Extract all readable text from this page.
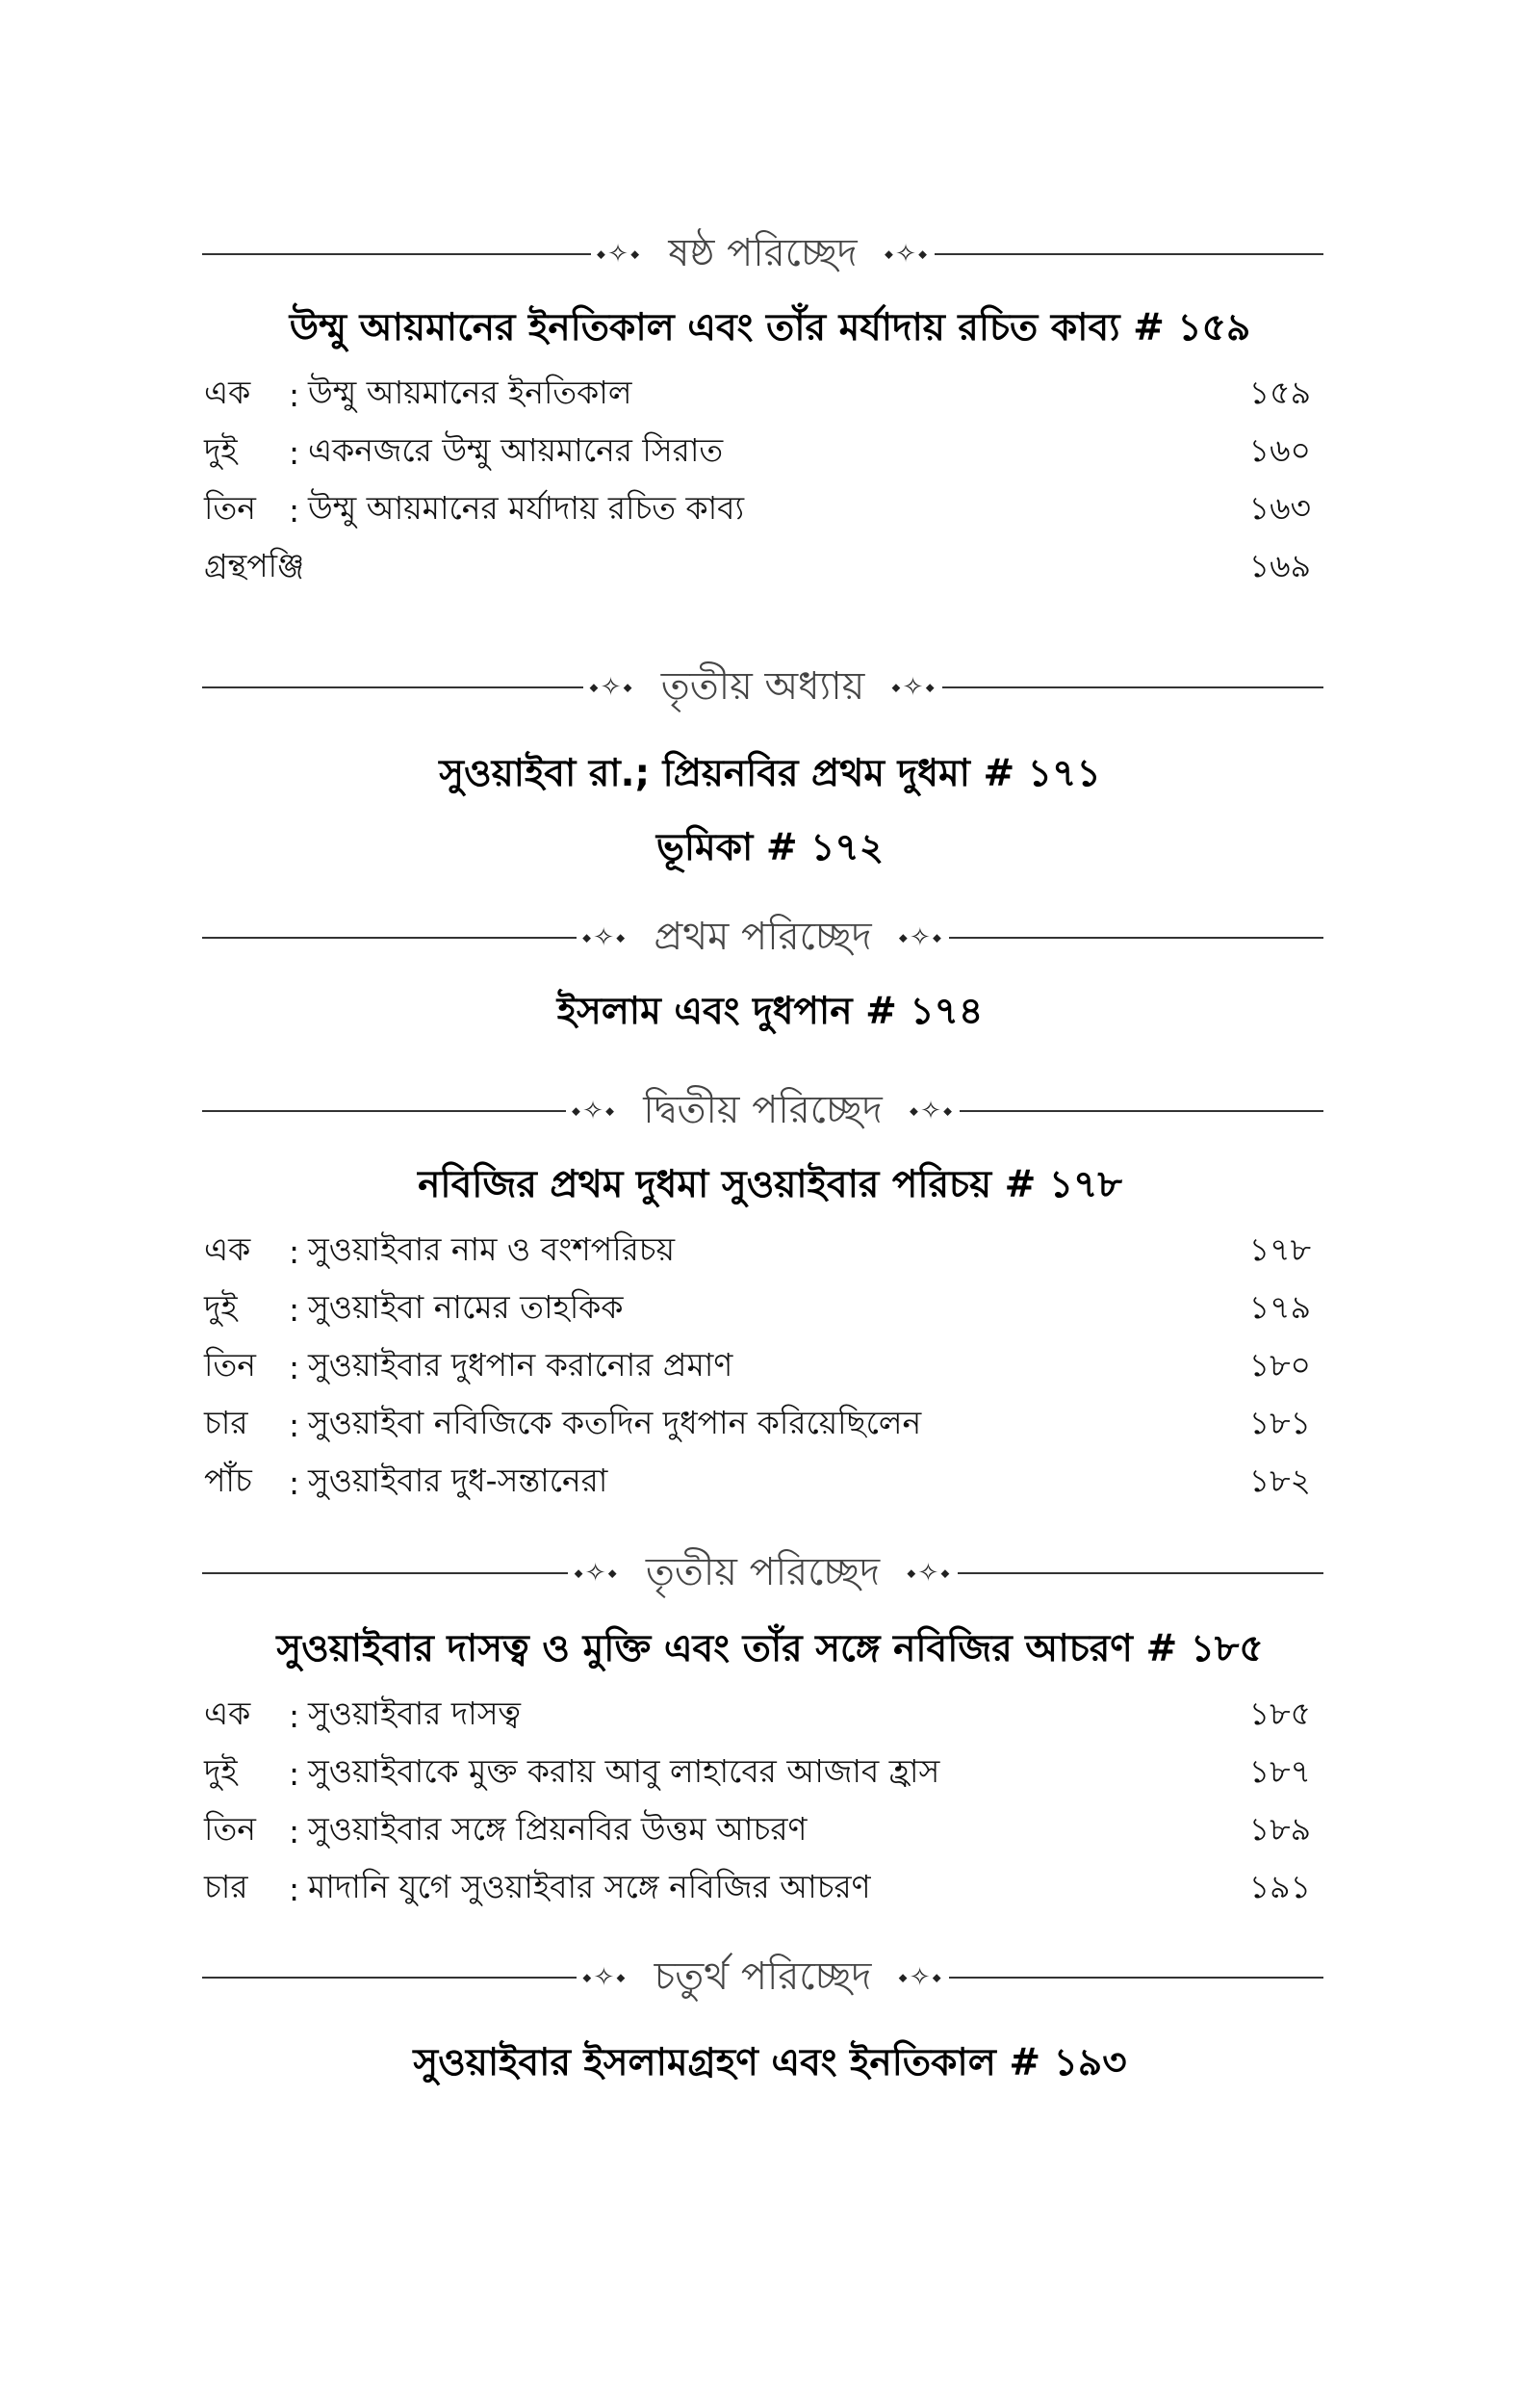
⬩✧⬩ ষষ্ঠ পরিচ্ছেদ	⬩✧⬩
উম্মু আয়মানের ইনতিকাল এবং তাঁর মর্যাদায় রচিত কাব্য # ১৫৯
এক	: উম্মু আয়মানের ইনতিকাল	১৫৯
দুই	: একনজরে উম্মু আয়মানের সিরাত	১৬০
তিন	: উম্মু আয়মানের মর্যাদায় রচিত কাব্য	১৬৩
গ্রন্থপঞ্জি	১৬৯
⬩✧⬩ তৃতীয় অধ্যায়	⬩✧⬩
সুওয়াইবা রা.; প্রিয়নবির প্রথম দুধমা # ১৭১
ভূমিকা # ১৭২
⬩✧⬩ প্রথম পরিচ্ছেদ	⬩✧⬩
ইসলাম এবং দুধপান # ১৭৪
⬩✧⬩ দ্বিতীয় পরিচ্ছেদ	⬩✧⬩
নবিজির প্রথম দুধমা সুওয়াইবার পরিচয় # ১৭৮
এক	: সুওয়াইবার নাম ও বংশপরিচয়	১৭৮
দুই	: সুওয়াইবা নামের তাহকিক	১৭৯
তিন	: সুওয়াইবার দুধপান করানোর প্রমাণ	১৮০
চার	: সুওয়াইবা নবিজিকে কতদিন দুধপান করিয়েছিলেন	১৮১
পাঁচ	: সুওয়াইবার দুধ-সন্তানেরা	১৮২
⬩✧⬩ তৃতীয় পরিচ্ছেদ	⬩✧⬩
সুওয়াইবার দাসত্ব ও মুক্তি এবং তাঁর সঙ্গে নবিজির আচরণ # ১৮৫
এক	: সুওয়াইবার দাসত্ব	১৮৫
দুই	: সুওয়াইবাকে মুক্ত করায় আবু লাহাবের আজাব হ্রাস	১৮৭
তিন	: সুওয়াইবার সঙ্গে প্রিয়নবির উত্তম আচরণ	১৮৯
চার	: মাদানি যুগে সুওয়াইবার সঙ্গে নবিজির আচরণ	১৯১
⬩✧⬩ চতুর্থ পরিচ্ছেদ	⬩✧⬩
সুওয়াইবার ইসলামগ্রহণ এবং ইনতিকাল # ১৯৩
